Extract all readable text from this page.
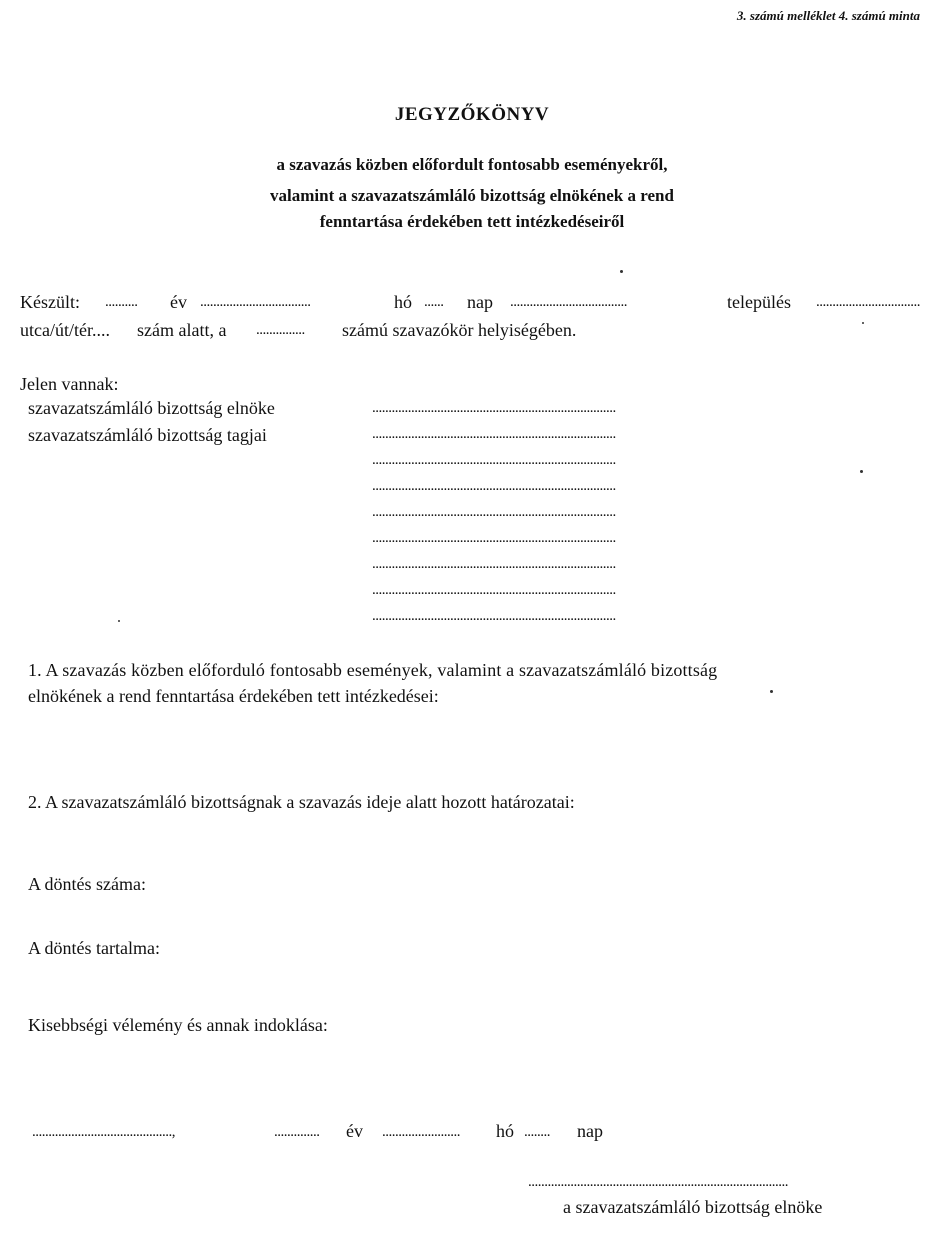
3. számú melléklet 4. számú minta
JEGYZŐKÖNYV
a szavazás közben előfordult fontosabb eseményekről,
valamint a szavazatszámláló bizottság elnökének a rend
fenntartása érdekében tett intézkedéseiről
Készült: .......... év ..................................	hó ...... nap ....................................	település ................................
utca/út/tér.... szám alatt, a ............... számú szavazókör helyiségében.
Jelen vannak:
szavazatszámláló bizottság elnöke
szavazatszámláló bizottság tagjai
...........................................................................
...........................................................................
...........................................................................
...........................................................................
...........................................................................
...........................................................................
...........................................................................
...........................................................................
...........................................................................
1. A szavazás közben előforduló fontosabb események, valamint a szavazatszámláló bizottság
elnökének a rend fenntartása érdekében tett intézkedései:
2. A szavazatszámláló bizottságnak a szavazás ideje alatt hozott határozatai:
A döntés száma:
A döntés tartalma:
Kisebbségi vélemény és annak indoklása:
...........................................,	.............. év ........................ hó ........ nap
................................................................................
a szavazatszámláló bizottság elnöke
